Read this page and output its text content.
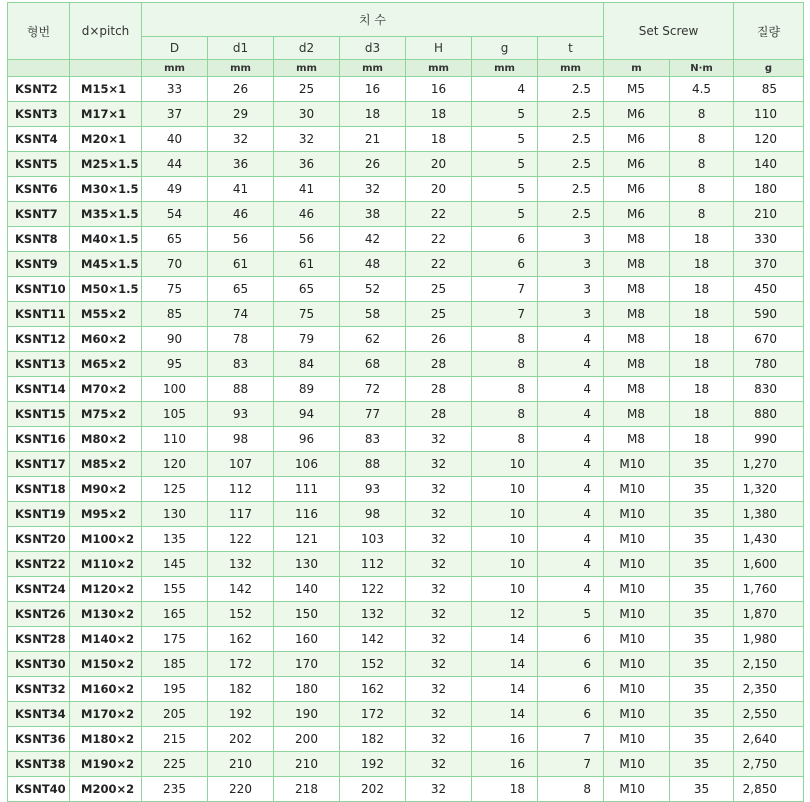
형번	d×pitch	치 수							Set Screw		질량
		D	d1	d2	d3	H	g	t			
		mm	mm	mm	mm	mm	mm	mm	m	N·m	g
KSNT2	M15×1	33	26	25	16	16	4	2.5	M5	4.5	85
KSNT3	M17×1	37	29	30	18	18	5	2.5	M6	8	110
KSNT4	M20×1	40	32	32	21	18	5	2.5	M6	8	120
KSNT5	M25×1.5	44	36	36	26	20	5	2.5	M6	8	140
KSNT6	M30×1.5	49	41	41	32	20	5	2.5	M6	8	180
KSNT7	M35×1.5	54	46	46	38	22	5	2.5	M6	8	210
KSNT8	M40×1.5	65	56	56	42	22	6	3	M8	18	330
KSNT9	M45×1.5	70	61	61	48	22	6	3	M8	18	370
KSNT10	M50×1.5	75	65	65	52	25	7	3	M8	18	450
KSNT11	M55×2	85	74	75	58	25	7	3	M8	18	590
KSNT12	M60×2	90	78	79	62	26	8	4	M8	18	670
KSNT13	M65×2	95	83	84	68	28	8	4	M8	18	780
KSNT14	M70×2	100	88	89	72	28	8	4	M8	18	830
KSNT15	M75×2	105	93	94	77	28	8	4	M8	18	880
KSNT16	M80×2	110	98	96	83	32	8	4	M8	18	990
KSNT17	M85×2	120	107	106	88	32	10	4	M10	35	1,270
KSNT18	M90×2	125	112	111	93	32	10	4	M10	35	1,320
KSNT19	M95×2	130	117	116	98	32	10	4	M10	35	1,380
KSNT20	M100×2	135	122	121	103	32	10	4	M10	35	1,430
KSNT22	M110×2	145	132	130	112	32	10	4	M10	35	1,600
KSNT24	M120×2	155	142	140	122	32	10	4	M10	35	1,760
KSNT26	M130×2	165	152	150	132	32	12	5	M10	35	1,870
KSNT28	M140×2	175	162	160	142	32	14	6	M10	35	1,980
KSNT30	M150×2	185	172	170	152	32	14	6	M10	35	2,150
KSNT32	M160×2	195	182	180	162	32	14	6	M10	35	2,350
KSNT34	M170×2	205	192	190	172	32	14	6	M10	35	2,550
KSNT36	M180×2	215	202	200	182	32	16	7	M10	35	2,640
KSNT38	M190×2	225	210	210	192	32	16	7	M10	35	2,750
KSNT40	M200×2	235	220	218	202	32	18	8	M10	35	2,850
